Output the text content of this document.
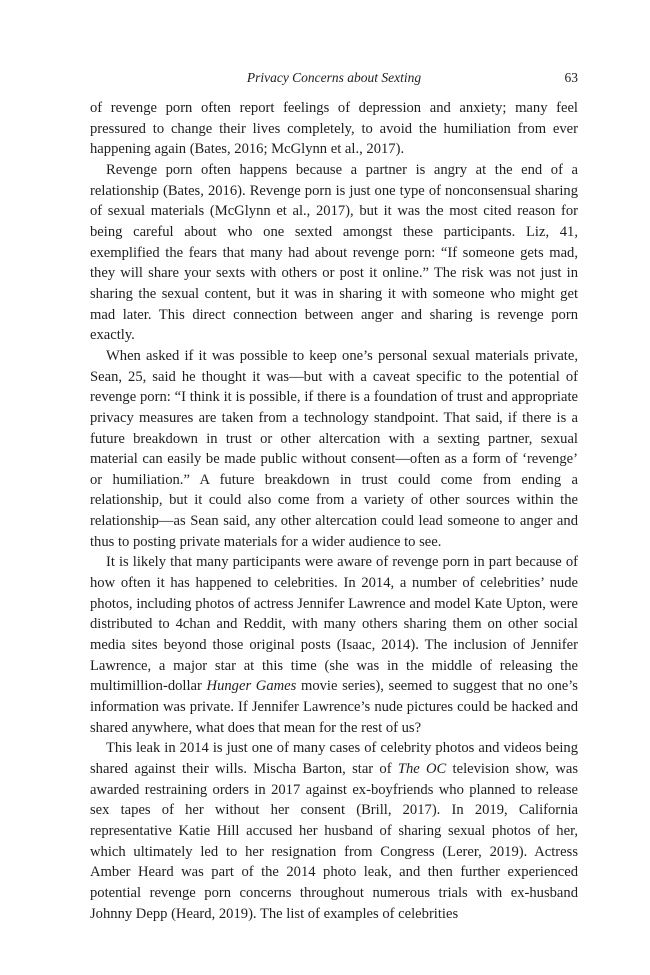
Privacy Concerns about Sexting	63

of revenge porn often report feelings of depression and anxiety; many feel pressured to change their lives completely, to avoid the humiliation from ever happening again (Bates, 2016; McGlynn et al., 2017).

Revenge porn often happens because a partner is angry at the end of a relationship (Bates, 2016). Revenge porn is just one type of nonconsensual sharing of sexual materials (McGlynn et al., 2017), but it was the most cited reason for being careful about who one sexted amongst these participants. Liz, 41, exemplified the fears that many had about revenge porn: “If someone gets mad, they will share your sexts with others or post it online.” The risk was not just in sharing the sexual content, but it was in sharing it with someone who might get mad later. This direct connection between anger and sharing is revenge porn exactly.

When asked if it was possible to keep one’s personal sexual materials private, Sean, 25, said he thought it was—but with a caveat specific to the potential of revenge porn: “I think it is possible, if there is a foundation of trust and appropriate privacy measures are taken from a technology standpoint. That said, if there is a future breakdown in trust or other altercation with a sexting partner, sexual material can easily be made public without consent—often as a form of ‘revenge’ or humiliation.” A future breakdown in trust could come from ending a relationship, but it could also come from a variety of other sources within the relationship—as Sean said, any other altercation could lead someone to anger and thus to posting private materials for a wider audience to see.

It is likely that many participants were aware of revenge porn in part because of how often it has happened to celebrities. In 2014, a number of celebrities’ nude photos, including photos of actress Jennifer Lawrence and model Kate Upton, were distributed to 4chan and Reddit, with many others sharing them on other social media sites beyond those original posts (Isaac, 2014). The inclusion of Jennifer Lawrence, a major star at this time (she was in the middle of releasing the multimillion-dollar Hunger Games movie series), seemed to suggest that no one’s information was private. If Jennifer Lawrence’s nude pictures could be hacked and shared anywhere, what does that mean for the rest of us?

This leak in 2014 is just one of many cases of celebrity photos and videos being shared against their wills. Mischa Barton, star of The OC television show, was awarded restraining orders in 2017 against ex-boyfriends who planned to release sex tapes of her without her consent (Brill, 2017). In 2019, California representative Katie Hill accused her husband of sharing sexual photos of her, which ultimately led to her resignation from Congress (Lerer, 2019). Actress Amber Heard was part of the 2014 photo leak, and then further experienced potential revenge porn concerns throughout numerous trials with ex-husband Johnny Depp (Heard, 2019). The list of examples of celebrities
